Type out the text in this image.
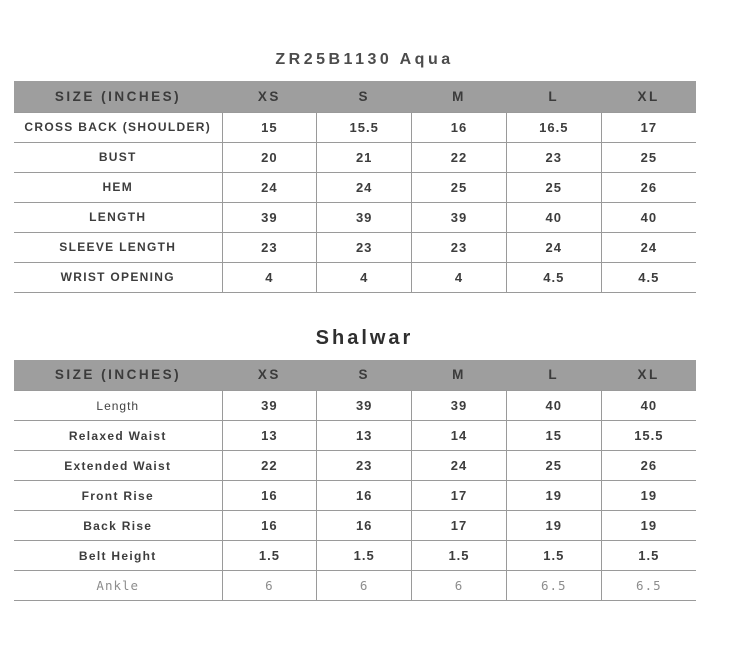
ZR25B1130 Aqua
SIZE (INCHES)	XS	S	M	L	XL
CROSS BACK (SHOULDER)	15	15.5	16	16.5	17
BUST	20	21	22	23	25
HEM	24	24	25	25	26
LENGTH	39	39	39	40	40
SLEEVE LENGTH	23	23	23	24	24
WRIST OPENING	4	4	4	4.5	4.5
Shalwar
SIZE (INCHES)	XS	S	M	L	XL
Length	39	39	39	40	40
Relaxed Waist	13	13	14	15	15.5
Extended Waist	22	23	24	25	26
Front Rise	16	16	17	19	19
Back Rise	16	16	17	19	19
Belt Height	1.5	1.5	1.5	1.5	1.5
Ankle	6	6	6	6.5	6.5
